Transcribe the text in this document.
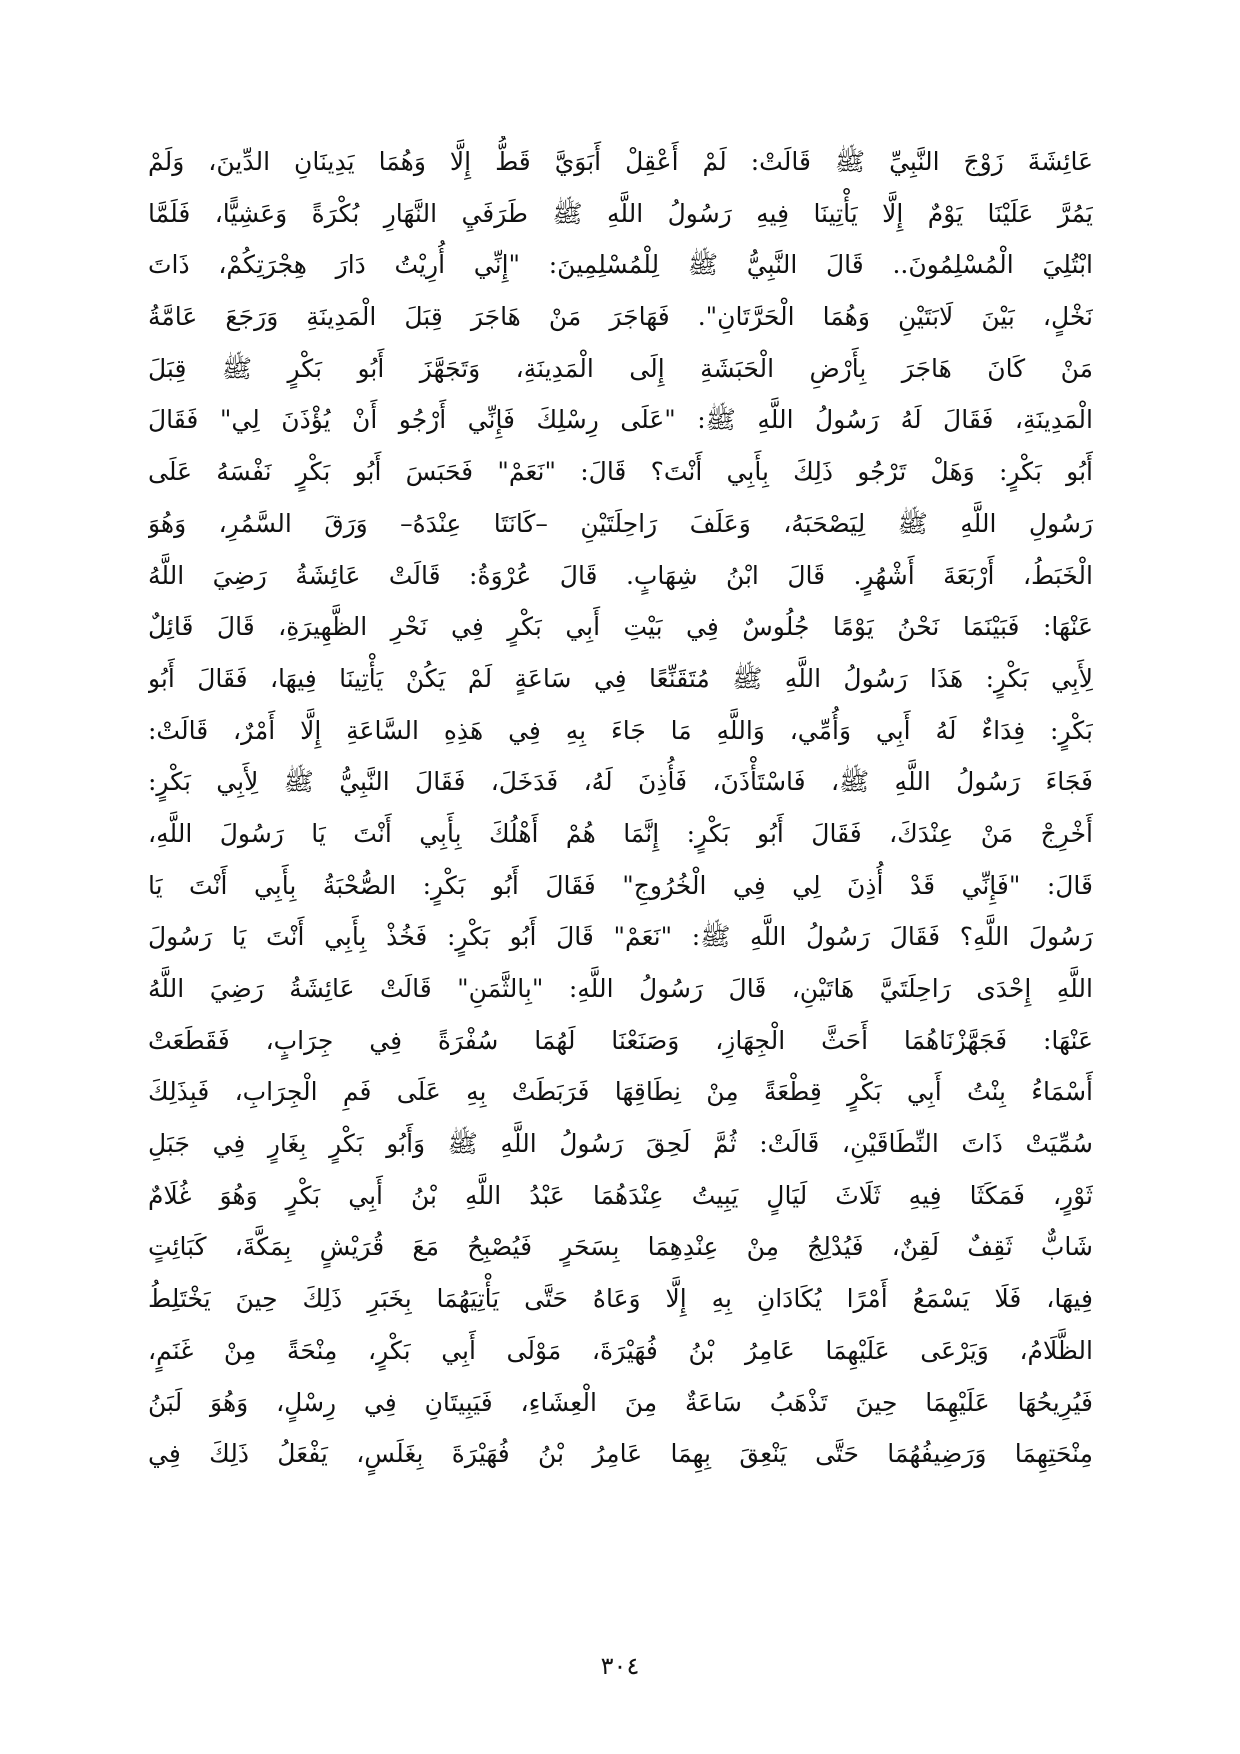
عَائِشَةَ زَوْجَ النَّبِيِّ ﷺ قَالَتْ: لَمْ أَعْقِلْ أَبَوَيَّ قَطُّ إِلَّا وَهُمَا يَدِينَانِ الدِّينَ، وَلَمْ
يَمُرَّ عَلَيْنَا يَوْمٌ إِلَّا يَأْتِينَا فِيهِ رَسُولُ اللَّهِ ﷺ طَرَفَيِ النَّهَارِ بُكْرَةً وَعَشِيًّا، فَلَمَّا
ابْتُلِيَ الْمُسْلِمُونَ.. قَالَ النَّبِيُّ ﷺ لِلْمُسْلِمِينَ: "إِنِّي أُرِيْتُ دَارَ هِجْرَتِكُمْ، ذَاتَ
نَخْلٍ، بَيْنَ لَابَتَيْنِ وَهُمَا الْحَرَّتَانِ". فَهَاجَرَ مَنْ هَاجَرَ قِبَلَ الْمَدِينَةِ وَرَجَعَ عَامَّةُ
مَنْ كَانَ هَاجَرَ بِأَرْضِ الْحَبَشَةِ إِلَى الْمَدِينَةِ، وَتَجَهَّزَ أَبُو بَكْرٍ ﷺ قِبَلَ
الْمَدِينَةِ، فَقَالَ لَهُ رَسُولُ اللَّهِ ﷺ: "عَلَى رِسْلِكَ فَإِنِّي أَرْجُو أَنْ يُؤْذَنَ لِي" فَقَالَ
أَبُو بَكْرٍ: وَهَلْ تَرْجُو ذَلِكَ بِأَبِي أَنْتَ؟ قَالَ: "نَعَمْ" فَحَبَسَ أَبُو بَكْرٍ نَفْسَهُ عَلَى
رَسُولِ اللَّهِ ﷺ لِيَصْحَبَهُ، وَعَلَفَ رَاحِلَتَيْنِ –كَانَتَا عِنْدَهُ– وَرَقَ السَّمُرِ، وَهُوَ
الْخَبَطُ، أَرْبَعَةَ أَشْهُرٍ. قَالَ ابْنُ شِهَابٍ. قَالَ عُرْوَةُ: قَالَتْ عَائِشَةُ رَضِيَ اللَّهُ
عَنْهَا: فَبَيْنَمَا نَحْنُ يَوْمًا جُلُوسٌ فِي بَيْتِ أَبِي بَكْرٍ فِي نَحْرِ الظَّهِيرَةِ، قَالَ قَائِلٌ
لِأَبِي بَكْرٍ: هَذَا رَسُولُ اللَّهِ ﷺ مُتَقَنِّعًا فِي سَاعَةٍ لَمْ يَكُنْ يَأْتِينَا فِيهَا، فَقَالَ أَبُو
بَكْرٍ: فِدَاءٌ لَهُ أَبِي وَأُمِّي، وَاللَّهِ مَا جَاءَ بِهِ فِي هَذِهِ السَّاعَةِ إِلَّا أَمْرٌ، قَالَتْ:
فَجَاءَ رَسُولُ اللَّهِ ﷺ، فَاسْتَأْذَنَ، فَأُذِنَ لَهُ، فَدَخَلَ، فَقَالَ النَّبِيُّ ﷺ لِأَبِي بَكْرٍ:
أَخْرِجْ مَنْ عِنْدَكَ، فَقَالَ أَبُو بَكْرٍ: إِنَّمَا هُمْ أَهْلُكَ بِأَبِي أَنْتَ يَا رَسُولَ اللَّهِ،
قَالَ: "فَإِنِّي قَدْ أُذِنَ لِي فِي الْخُرُوجِ" فَقَالَ أَبُو بَكْرٍ: الصُّحْبَةُ بِأَبِي أَنْتَ يَا
رَسُولَ اللَّهِ؟ فَقَالَ رَسُولُ اللَّهِ ﷺ: "نَعَمْ" قَالَ أَبُو بَكْرٍ: فَخُذْ بِأَبِي أَنْتَ يَا رَسُولَ
اللَّهِ إِحْدَى رَاحِلَتَيَّ هَاتَيْنِ، قَالَ رَسُولُ اللَّهِ: "بِالثَّمَنِ" قَالَتْ عَائِشَةُ رَضِيَ اللَّهُ
عَنْهَا: فَجَهَّزْنَاهُمَا أَحَثَّ الْجِهَازِ، وَصَنَعْنَا لَهُمَا سُفْرَةً فِي جِرَابٍ، فَقَطَعَتْ
أَسْمَاءُ بِنْتُ أَبِي بَكْرٍ قِطْعَةً مِنْ نِطَاقِهَا فَرَبَطَتْ بِهِ عَلَى فَمِ الْجِرَابِ، فَبِذَلِكَ
سُمِّيَتْ ذَاتَ النِّطَاقَيْنِ، قَالَتْ: ثُمَّ لَحِقَ رَسُولُ اللَّهِ ﷺ وَأَبُو بَكْرٍ بِغَارٍ فِي جَبَلِ
ثَوْرٍ، فَمَكَثَا فِيهِ ثَلَاثَ لَيَالٍ يَبِيتُ عِنْدَهُمَا عَبْدُ اللَّهِ بْنُ أَبِي بَكْرٍ وَهُوَ غُلَامٌ
شَابٌّ ثَقِفٌ لَقِنٌ، فَيُدْلِجُ مِنْ عِنْدِهِمَا بِسَحَرٍ فَيُصْبِحُ مَعَ قُرَيْشٍ بِمَكَّةَ، كَبَائِتٍ
فِيهَا، فَلَا يَسْمَعُ أَمْرًا يُكَادَانِ بِهِ إِلَّا وَعَاهُ حَتَّى يَأْتِيَهُمَا بِخَبَرِ ذَلِكَ حِينَ يَخْتَلِطُ
الظَّلَامُ، وَيَرْعَى عَلَيْهِمَا عَامِرُ بْنُ فُهَيْرَةَ، مَوْلَى أَبِي بَكْرٍ، مِنْحَةً مِنْ غَنَمٍ،
فَيُرِيحُهَا عَلَيْهِمَا حِينَ تَذْهَبُ سَاعَةٌ مِنَ الْعِشَاءِ، فَيَبِيتَانِ فِي رِسْلٍ، وَهُوَ لَبَنُ
مِنْحَتِهِمَا وَرَضِيفُهُمَا حَتَّى يَنْعِقَ بِهِمَا عَامِرُ بْنُ فُهَيْرَةَ بِغَلَسٍ، يَفْعَلُ ذَلِكَ فِي
٣٠٤
